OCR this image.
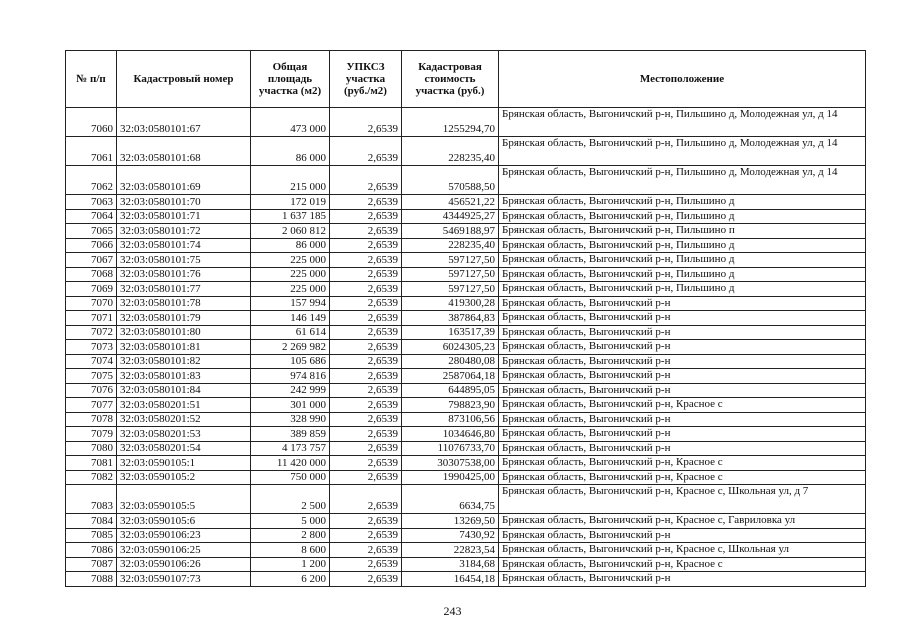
№ п/п	Кадастровый номер	Общая площадь участка (м2)	УПКСЗ участка (руб./м2)	Кадастровая стоимость участка (руб.)	Местоположение
7060	32:03:0580101:67	473 000	2,6539	1255294,70	Брянская область, Выгоничский р-н, Пильшино д, Молодежная ул, д 14
7061	32:03:0580101:68	86 000	2,6539	228235,40	Брянская область, Выгоничский р-н, Пильшино д, Молодежная ул, д 14
7062	32:03:0580101:69	215 000	2,6539	570588,50	Брянская область, Выгоничский р-н, Пильшино д, Молодежная ул, д 14
7063	32:03:0580101:70	172 019	2,6539	456521,22	Брянская область, Выгоничский р-н, Пильшино д
7064	32:03:0580101:71	1 637 185	2,6539	4344925,27	Брянская область, Выгоничский р-н, Пильшино д
7065	32:03:0580101:72	2 060 812	2,6539	5469188,97	Брянская область, Выгоничский р-н, Пильшино п
7066	32:03:0580101:74	86 000	2,6539	228235,40	Брянская область, Выгоничский р-н, Пильшино д
7067	32:03:0580101:75	225 000	2,6539	597127,50	Брянская область, Выгоничский р-н, Пильшино д
7068	32:03:0580101:76	225 000	2,6539	597127,50	Брянская область, Выгоничский р-н, Пильшино д
7069	32:03:0580101:77	225 000	2,6539	597127,50	Брянская область, Выгоничский р-н, Пильшино д
7070	32:03:0580101:78	157 994	2,6539	419300,28	Брянская область, Выгоничский р-н
7071	32:03:0580101:79	146 149	2,6539	387864,83	Брянская область, Выгоничский р-н
7072	32:03:0580101:80	61 614	2,6539	163517,39	Брянская область, Выгоничский р-н
7073	32:03:0580101:81	2 269 982	2,6539	6024305,23	Брянская область, Выгоничский р-н
7074	32:03:0580101:82	105 686	2,6539	280480,08	Брянская область, Выгоничский р-н
7075	32:03:0580101:83	974 816	2,6539	2587064,18	Брянская область, Выгоничский р-н
7076	32:03:0580101:84	242 999	2,6539	644895,05	Брянская область, Выгоничский р-н
7077	32:03:0580201:51	301 000	2,6539	798823,90	Брянская область, Выгоничский р-н, Красное с
7078	32:03:0580201:52	328 990	2,6539	873106,56	Брянская область, Выгоничский р-н
7079	32:03:0580201:53	389 859	2,6539	1034646,80	Брянская область, Выгоничский р-н
7080	32:03:0580201:54	4 173 757	2,6539	11076733,70	Брянская область, Выгоничский р-н
7081	32:03:0590105:1	11 420 000	2,6539	30307538,00	Брянская область, Выгоничский р-н, Красное с
7082	32:03:0590105:2	750 000	2,6539	1990425,00	Брянская область, Выгоничский р-н, Красное с
7083	32:03:0590105:5	2 500	2,6539	6634,75	Брянская область, Выгоничский р-н, Красное с, Школьная ул, д 7
7084	32:03:0590105:6	5 000	2,6539	13269,50	Брянская область, Выгоничский р-н, Красное с, Гавриловка ул
7085	32:03:0590106:23	2 800	2,6539	7430,92	Брянская область, Выгоничский р-н
7086	32:03:0590106:25	8 600	2,6539	22823,54	Брянская область, Выгоничский р-н, Красное с, Школьная ул
7087	32:03:0590106:26	1 200	2,6539	3184,68	Брянская область, Выгоничский р-н, Красное с
7088	32:03:0590107:73	6 200	2,6539	16454,18	Брянская область, Выгоничский р-н
243
